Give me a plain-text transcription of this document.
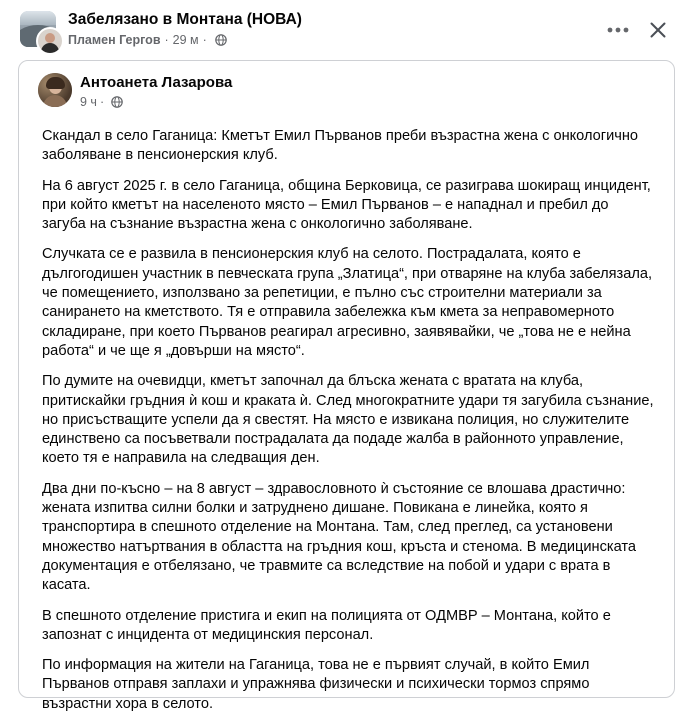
Забелязано в Монтана (НОВА)
Пламен Гергов · 29 м ·
Антоанета Лазарова
9 ч ·

Скандал в село Гаганица: Кметът Емил Първанов преби възрастна жена с онкологично заболяване в пенсионерския клуб.

На 6 август 2025 г. в село Гаганица, община Берковица, се разиграва шокиращ инцидент, при който кметът на населеното място – Емил Първанов – е нападнал и пребил до загуба на съзнание възрастна жена с онкологично заболяване.

Случката се е развила в пенсионерския клуб на селото. Пострадалата, която е дългогодишен участник в певческата група „Златица“, при отваряне на клуба забелязала, че помещението, използвано за репетиции, е пълно със строителни материали за санирането на кметството. Тя е отправила забележка към кмета за неправомерното складиране, при което Първанов реагирал агресивно, заявявайки, че „това не е нейна работа“ и че ще я „довърши на място“.

По думите на очевидци, кметът започнал да блъска жената с вратата на клуба, притискайки гръдния ѝ кош и краката ѝ. След многократните удари тя загубила съзнание, но присъстващите успели да я свестят. На място е извикана полиция, но служителите единствено са посъветвали пострадалата да подаде жалба в районното управление, което тя е направила на следващия ден.

Два дни по-късно – на 8 август – здравословното ѝ състояние се влошава драстично: жената изпитва силни болки и затруднено дишане. Повикана е линейка, която я транспортира в спешното отделение на Монтана. Там, след преглед, са установени множество натъртвания в областта на гръдния кош, кръста и стенома. В медицинската документация е отбелязано, че травмите са вследствие на побой и удари с врата в касата.

В спешното отделение пристига и екип на полицията от ОДМВР – Монтана, който е запознат с инцидента от медицинския персонал.

По информация на жители на Гаганица, това не е първият случай, в който Емил Първанов отправя заплахи и упражнява физически и психически тормоз спрямо възрастни хора в селото.
